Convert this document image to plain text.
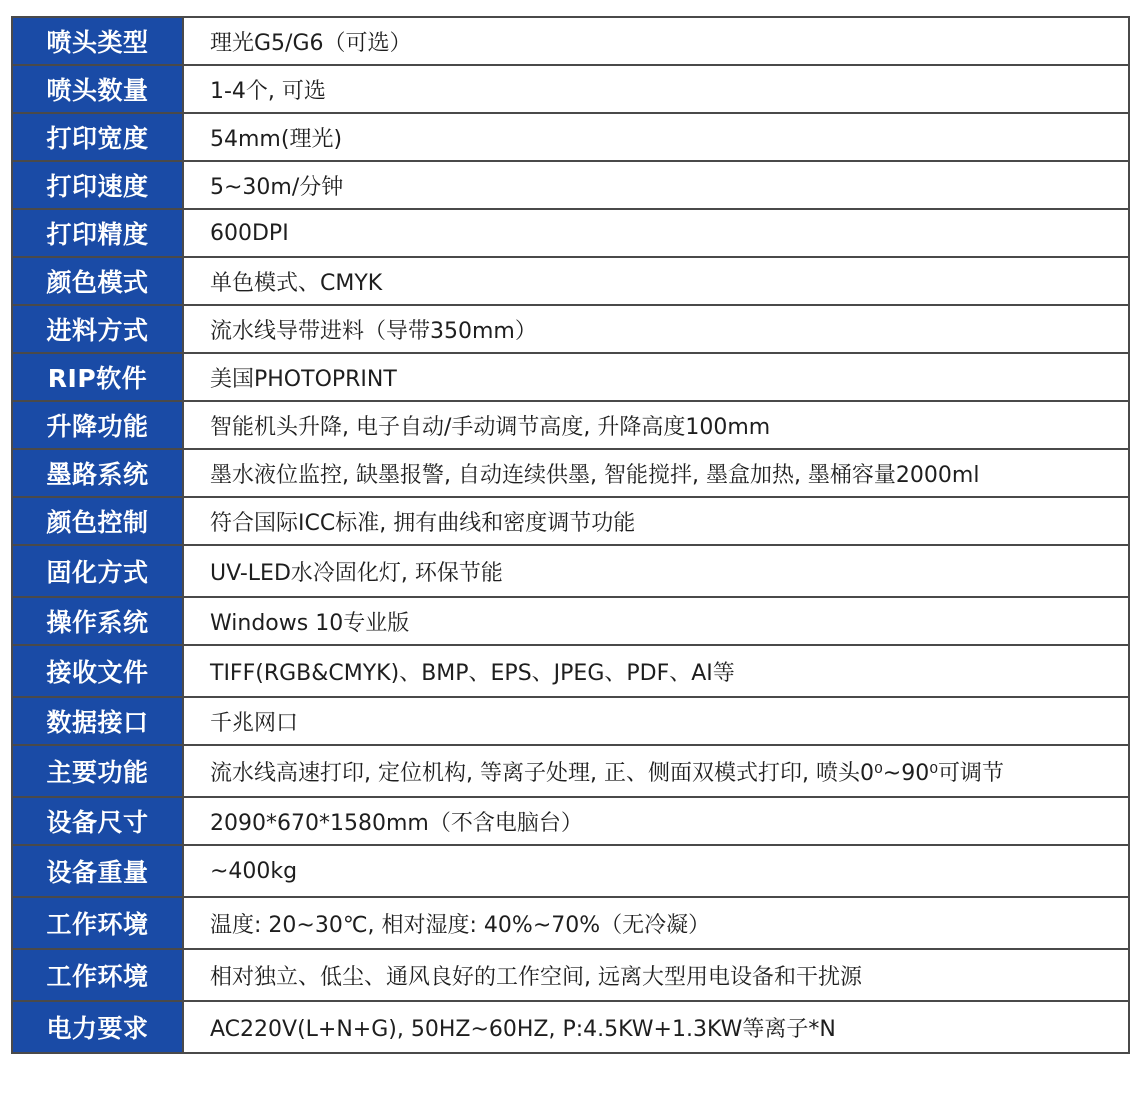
喷头类型	理光G5/G6（可选）
喷头数量	1-4个, 可选
打印宽度	54mm(理光)
打印速度	5~30m/分钟
打印精度	600DPI
颜色模式	单色模式、CMYK
进料方式	流水线导带进料（导带350mm）
RIP软件	美国PHOTOPRINT
升降功能	智能机头升降, 电子自动/手动调节高度, 升降高度100mm
墨路系统	墨水液位监控, 缺墨报警, 自动连续供墨, 智能搅拌, 墨盒加热, 墨桶容量2000ml
颜色控制	符合国际ICC标准, 拥有曲线和密度调节功能
固化方式	UV-LED水冷固化灯, 环保节能
操作系统	Windows 10专业版
接收文件	TIFF(RGB&CMYK)、BMP、EPS、JPEG、PDF、AI等
数据接口	千兆网口
主要功能	流水线高速打印, 定位机构, 等离子处理, 正、侧面双模式打印, 喷头0⁰~90⁰可调节
设备尺寸	2090*670*1580mm（不含电脑台）
设备重量	~400kg
工作环境	温度: 20~30℃, 相对湿度: 40%~70%（无冷凝）
工作环境	相对独立、低尘、通风良好的工作空间, 远离大型用电设备和干扰源
电力要求	AC220V(L+N+G), 50HZ~60HZ, P:4.5KW+1.3KW等离子*N
